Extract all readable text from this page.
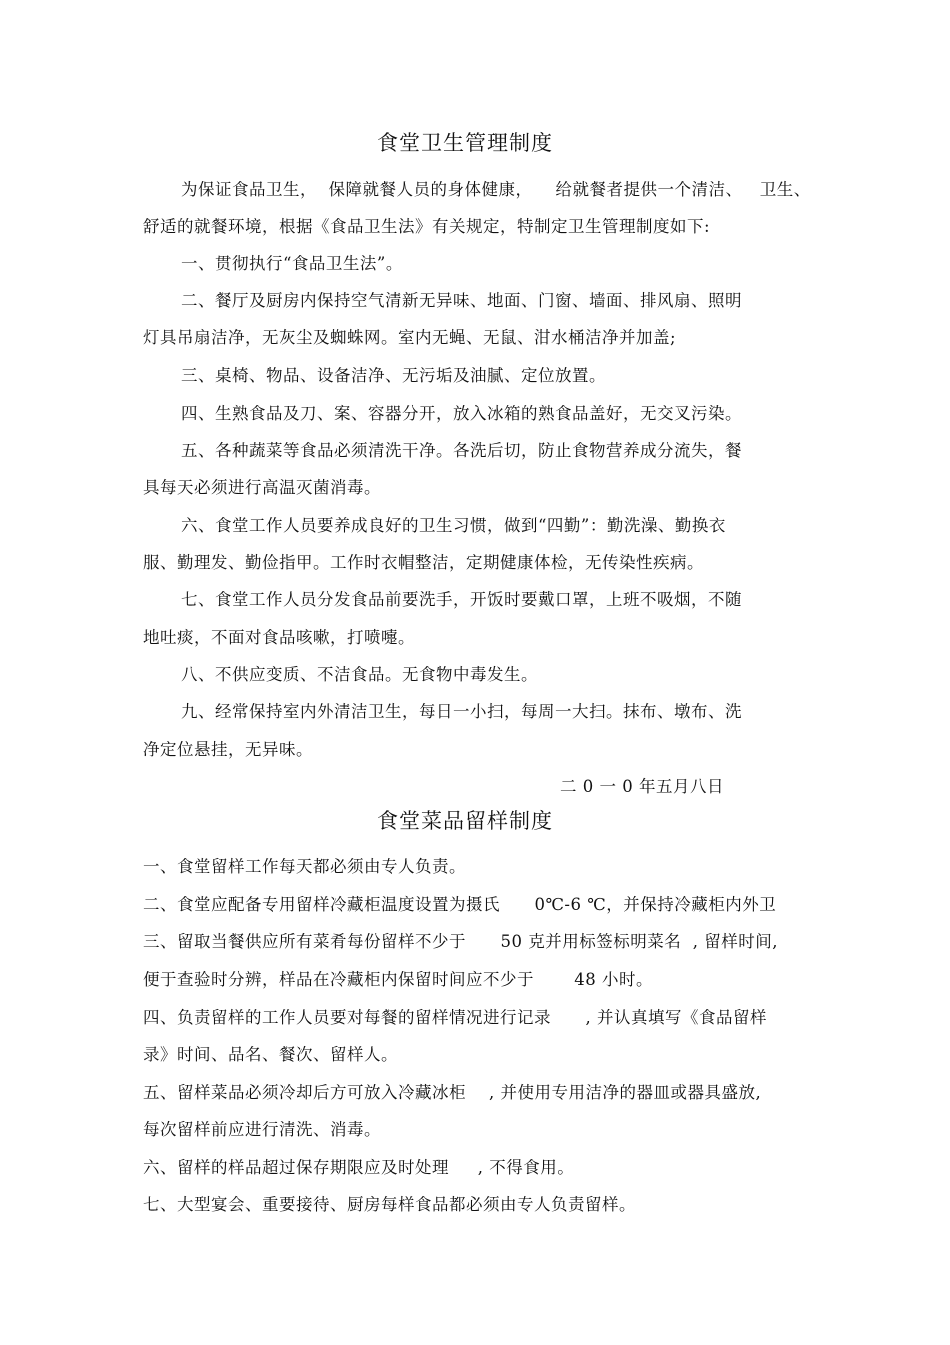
食堂卫生管理制度
为保证食品卫生，  保障就餐人员的身体健康，    给就餐者提供一个清洁、   卫生、
舒适的就餐环境，根据《食品卫生法》有关规定，特制定卫生管理制度如下:
一、贯彻执行“食品卫生法”。
二、餐厅及厨房内保持空气清新无异味、地面、门窗、墙面、排风扇、照明
灯具吊扇洁净，无灰尘及蜘蛛网。室内无蝇、无鼠、泔水桶洁净并加盖;
三、桌椅、物品、设备洁净、无污垢及油腻、定位放置。
四、生熟食品及刀、案、容器分开，放入冰箱的熟食品盖好，无交叉污染。
五、各种蔬菜等食品必须清洗干净。各洗后切，防止食物营养成分流失，餐
具每天必须进行高温灭菌消毒。
六、食堂工作人员要养成良好的卫生习惯，做到“四勤”：勤洗澡、勤换衣
服、勤理发、勤俭指甲。工作时衣帽整洁，定期健康体检，无传染性疾病。
七、食堂工作人员分发食品前要洗手，开饭时要戴口罩，上班不吸烟，不随
地吐痰，不面对食品咳嗽，打喷嚏。
八、不供应变质、不洁食品。无食物中毒发生。
九、经常保持室内外清洁卫生，每日一小扫，每周一大扫。抹布、墩布、洗
净定位悬挂，无异味。
二 0 一 0 年五月八日
食堂菜品留样制度
一、食堂留样工作每天都必须由专人负责。
二、食堂应配备专用留样冷藏柜温度设置为摄氏      0℃-6 ℃，并保持冷藏柜内外卫
三、留取当餐供应所有菜肴每份留样不少于      50 克并用标签标明菜名  , 留样时间,
便于查验时分辨，样品在冷藏柜内保留时间应不少于       48 小时。
四、负责留样的工作人员要对每餐的留样情况进行记录      , 并认真填写《食品留样
录》时间、品名、餐次、留样人。
五、留样菜品必须冷却后方可放入冷藏冰柜    , 并使用专用洁净的器皿或器具盛放,
每次留样前应进行清洗、消毒。
六、留样的样品超过保存期限应及时处理     , 不得食用。
七、大型宴会、重要接待、厨房每样食品都必须由专人负责留样。
